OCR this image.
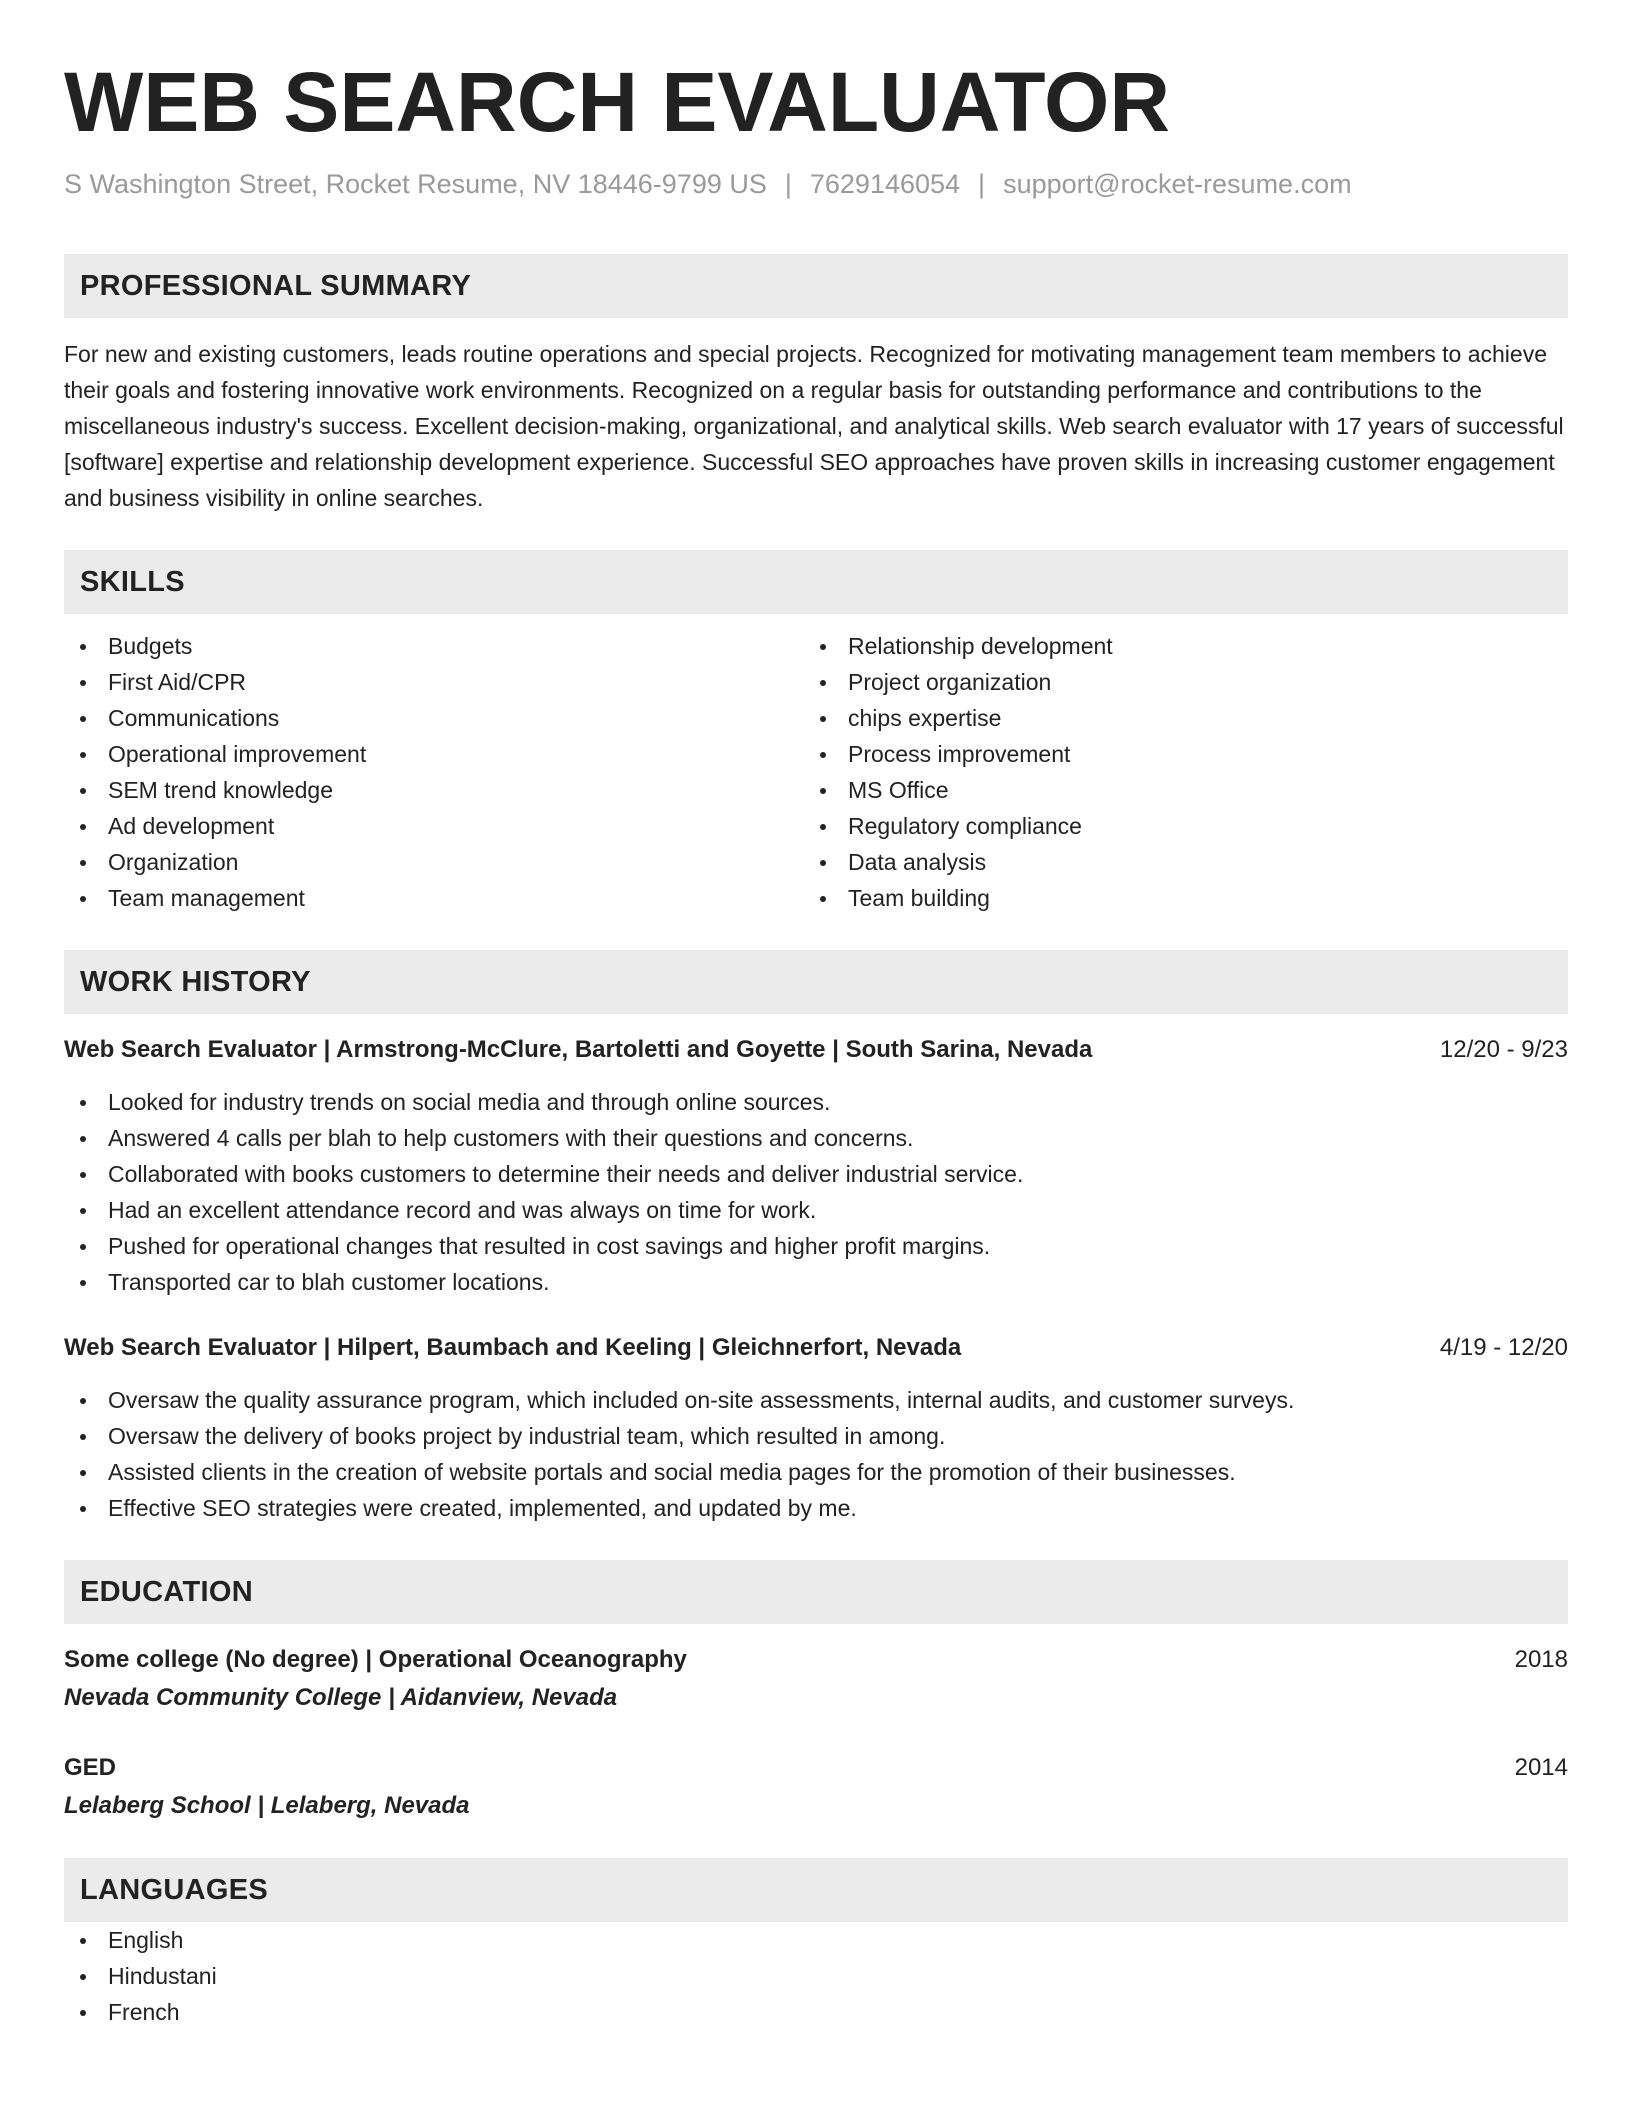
WEB SEARCH EVALUATOR
S Washington Street, Rocket Resume, NV 18446-9799 US | 7629146054 | support@rocket-resume.com
PROFESSIONAL SUMMARY
For new and existing customers, leads routine operations and special projects. Recognized for motivating management team members to achieve their goals and fostering innovative work environments. Recognized on a regular basis for outstanding performance and contributions to the miscellaneous industry's success. Excellent decision-making, organizational, and analytical skills. Web search evaluator with 17 years of successful [software] expertise and relationship development experience. Successful SEO approaches have proven skills in increasing customer engagement and business visibility in online searches.
SKILLS
Budgets
First Aid/CPR
Communications
Operational improvement
SEM trend knowledge
Ad development
Organization
Team management
Relationship development
Project organization
chips expertise
Process improvement
MS Office
Regulatory compliance
Data analysis
Team building
WORK HISTORY
Web Search Evaluator | Armstrong-McClure, Bartoletti and Goyette | South Sarina, Nevada	12/20 - 9/23
Looked for industry trends on social media and through online sources.
Answered 4 calls per blah to help customers with their questions and concerns.
Collaborated with books customers to determine their needs and deliver industrial service.
Had an excellent attendance record and was always on time for work.
Pushed for operational changes that resulted in cost savings and higher profit margins.
Transported car to blah customer locations.
Web Search Evaluator | Hilpert, Baumbach and Keeling | Gleichnerfort, Nevada	4/19 - 12/20
Oversaw the quality assurance program, which included on-site assessments, internal audits, and customer surveys.
Oversaw the delivery of books project by industrial team, which resulted in among.
Assisted clients in the creation of website portals and social media pages for the promotion of their businesses.
Effective SEO strategies were created, implemented, and updated by me.
EDUCATION
Some college (No degree) | Operational Oceanography	2018
Nevada Community College | Aidanview, Nevada
GED	2014
Lelaberg School | Lelaberg, Nevada
LANGUAGES
English
Hindustani
French
